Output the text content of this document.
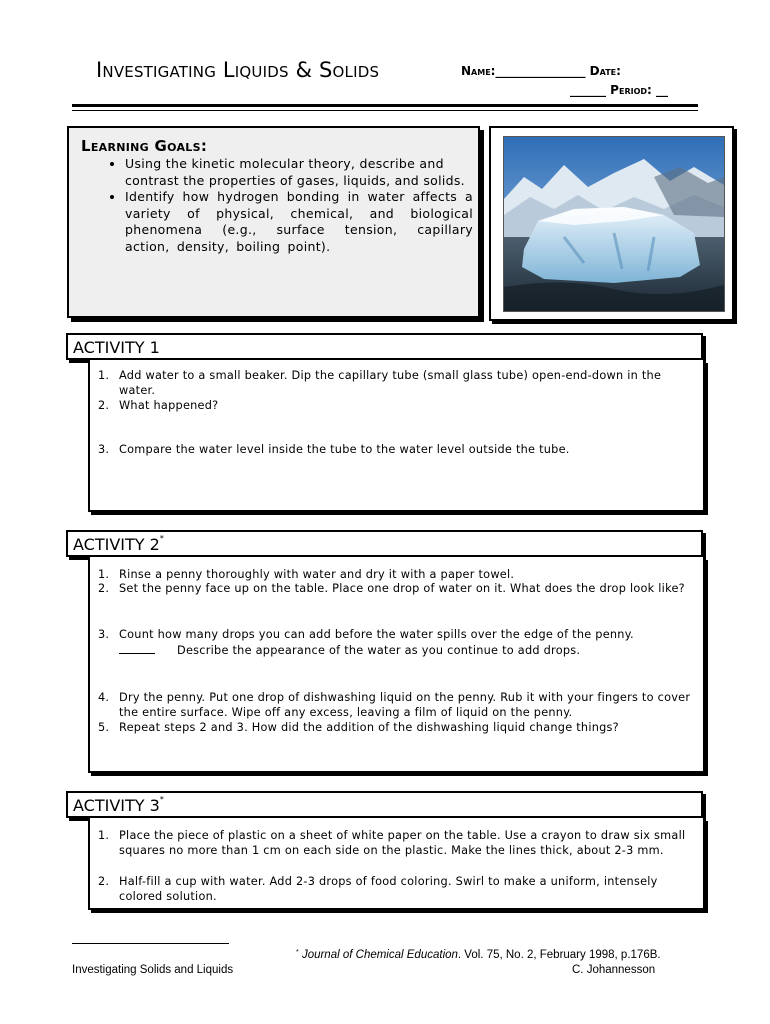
Investigating Liquids & Solids	Name:_______________ Date:
______ Period: __
Learning Goals:
• Using the kinetic molecular theory, describe and contrast the properties of gases, liquids, and solids.
• Identify how hydrogen bonding in water affects a variety of physical, chemical, and biological phenomena (e.g., surface tension, capillary action, density, boiling point).
ACTIVITY 1
1. Add water to a small beaker. Dip the capillary tube (small glass tube) open-end-down in the water.
2. What happened?
3. Compare the water level inside the tube to the water level outside the tube.
ACTIVITY 2*
1. Rinse a penny thoroughly with water and dry it with a paper towel.
2. Set the penny face up on the table. Place one drop of water on it. What does the drop look like?
3. Count how many drops you can add before the water spills over the edge of the penny.
Describe the appearance of the water as you continue to add drops.
4. Dry the penny. Put one drop of dishwashing liquid on the penny. Rub it with your fingers to cover the entire surface. Wipe off any excess, leaving a film of liquid on the penny.
5. Repeat steps 2 and 3. How did the addition of the dishwashing liquid change things?
ACTIVITY 3*
1. Place the piece of plastic on a sheet of white paper on the table. Use a crayon to draw six small squares no more than 1 cm on each side on the plastic. Make the lines thick, about 2-3 mm.
2. Half-fill a cup with water. Add 2-3 drops of food coloring. Swirl to make a uniform, intensely colored solution.
* Journal of Chemical Education. Vol. 75, No. 2, February 1998, p.176B.
Investigating Solids and Liquids	C. Johannesson
